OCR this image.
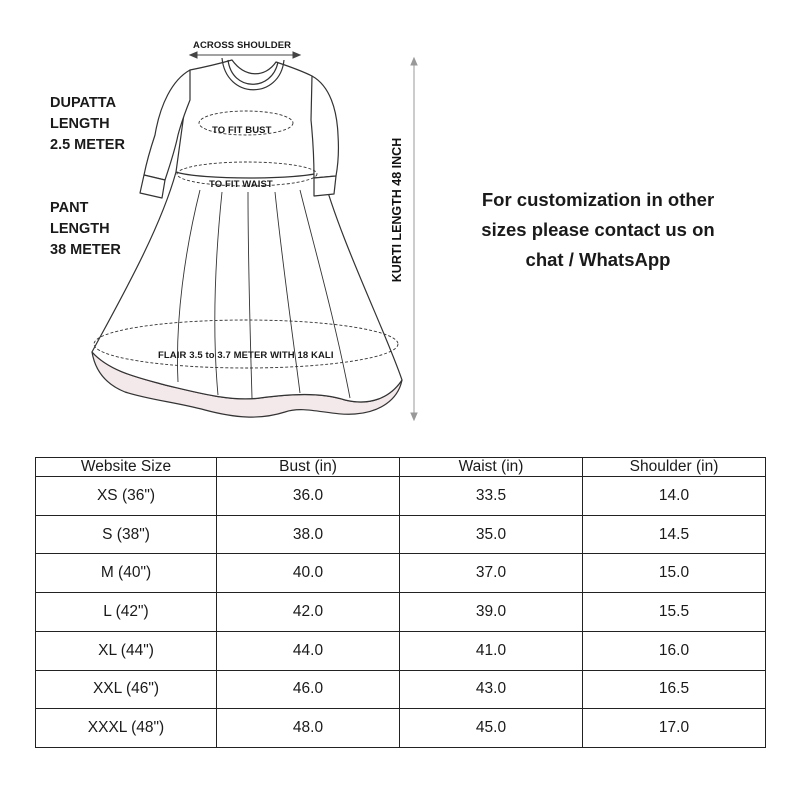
ACROSS SHOULDER
TO FIT BUST
TO FIT WAIST
FLAIR 3.5 to 3.7 METER WITH 18 KALI
KURTI LENGTH 48 INCH
DUPATTA
LENGTH
2.5 METER
PANT
LENGTH
38 METER
For customization in other
sizes please contact us on
chat / WhatsApp
Website Size	Bust (in)	Waist (in)	Shoulder (in)
XS (36")	36.0	33.5	14.0
S (38")	38.0	35.0	14.5
M (40")	40.0	37.0	15.0
L (42")	42.0	39.0	15.5
XL (44")	44.0	41.0	16.0
XXL (46")	46.0	43.0	16.5
XXXL (48")	48.0	45.0	17.0
